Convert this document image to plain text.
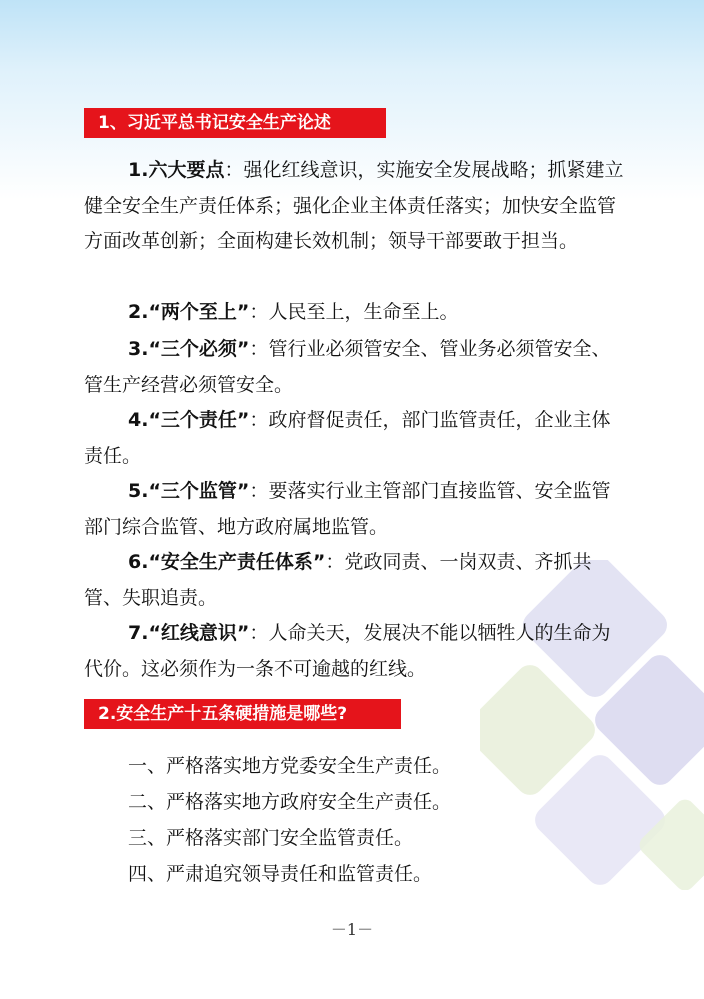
1、习近平总书记安全生产论述

1.六大要点：强化红线意识，实施安全发展战略；抓紧建立健全安全生产责任体系；强化企业主体责任落实；加快安全监管方面改革创新；全面构建长效机制；领导干部要敢于担当。

2.“两个至上”：人民至上，生命至上。

3.“三个必须”：管行业必须管安全、管业务必须管安全、管生产经营必须管安全。

4.“三个责任”：政府督促责任，部门监管责任，企业主体责任。

5.“三个监管”：要落实行业主管部门直接监管、安全监管部门综合监管、地方政府属地监管。

6.“安全生产责任体系”：党政同责、一岗双责、齐抓共管、失职追责。

7.“红线意识”：人命关天，发展决不能以牺牲人的生命为代价。这必须作为一条不可逾越的红线。

2.安全生产十五条硬措施是哪些?

一、严格落实地方党委安全生产责任。

二、严格落实地方政府安全生产责任。

三、严格落实部门安全监管责任。

四、严肃追究领导责任和监管责任。

－1－
